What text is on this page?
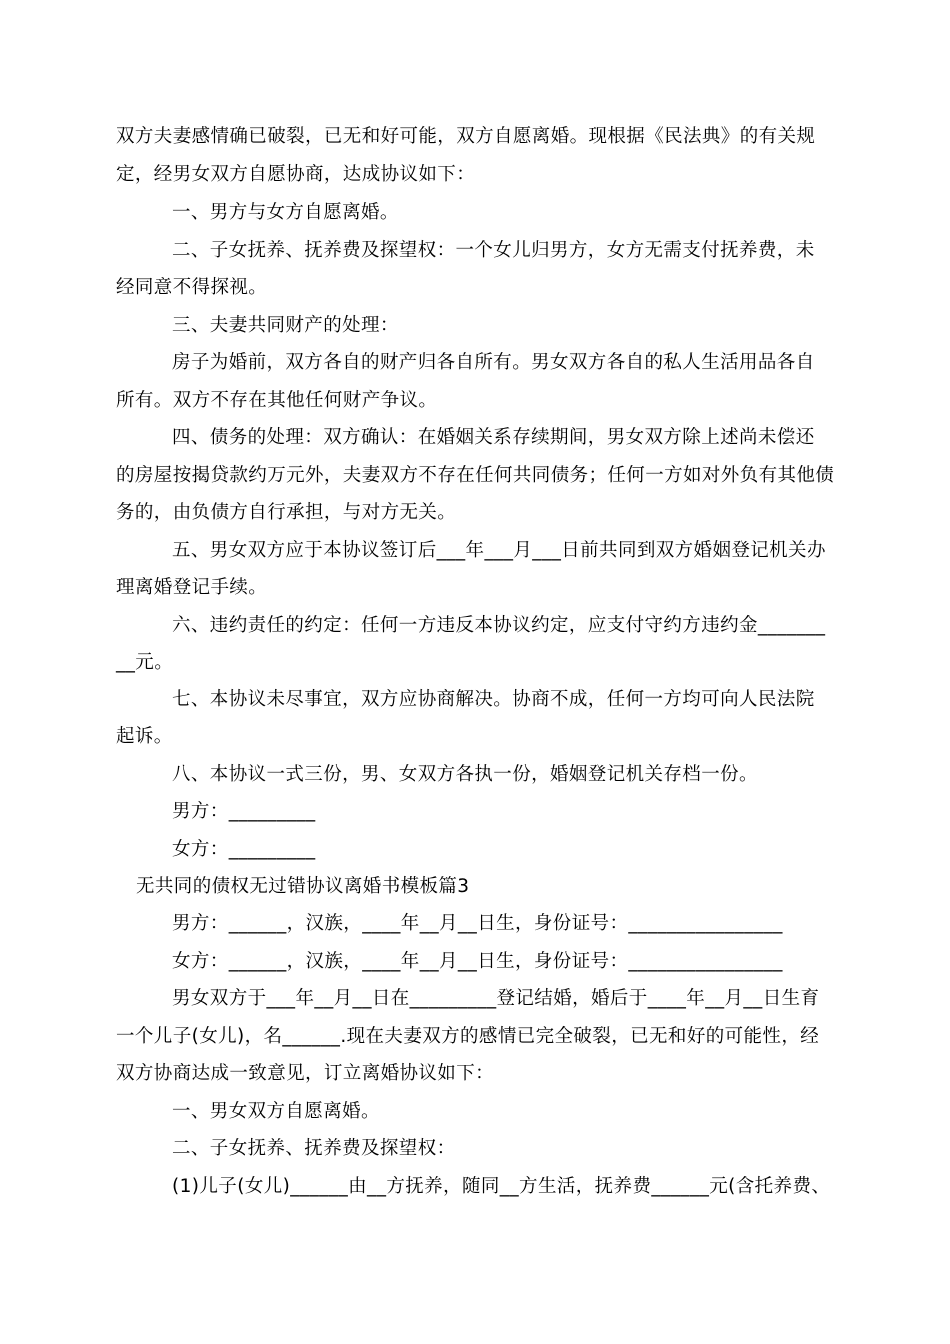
双方夫妻感情确已破裂，已无和好可能，双方自愿离婚。现根据《民法典》的有关规
定，经男女双方自愿协商，达成协议如下：
一、男方与女方自愿离婚。
二、子女抚养、抚养费及探望权：一个女儿归男方，女方无需支付抚养费，未
经同意不得探视。
三、夫妻共同财产的处理：
房子为婚前，双方各自的财产归各自所有。男女双方各自的私人生活用品各自
所有。双方不存在其他任何财产争议。
四、债务的处理：双方确认：在婚姻关系存续期间，男女双方除上述尚未偿还
的房屋按揭贷款约万元外，夫妻双方不存在任何共同债务；任何一方如对外负有其他债
务的，由负债方自行承担，与对方无关。
五、男女双方应于本协议签订后___年___月___日前共同到双方婚姻登记机关办
理离婚登记手续。
六、违约责任的约定：任何一方违反本协议约定，应支付守约方违约金_______
__元。
七、本协议未尽事宜，双方应协商解决。协商不成，任何一方均可向人民法院
起诉。
八、本协议一式三份，男、女双方各执一份，婚姻登记机关存档一份。
男方：_________
女方：_________
无共同的债权无过错协议离婚书模板篇3
男方：______，汉族，____年__月__日生，身份证号：________________
女方：______，汉族，____年__月__日生，身份证号：________________
男女双方于___年__月__日在_________登记结婚，婚后于____年__月__日生育
一个儿子(女儿)，名______.现在夫妻双方的感情已完全破裂，已无和好的可能性，经
双方协商达成一致意见，订立离婚协议如下：
一、男女双方自愿离婚。
二、子女抚养、抚养费及探望权：
(1)儿子(女儿)______由__方抚养，随同__方生活，抚养费______元(含托养费、
